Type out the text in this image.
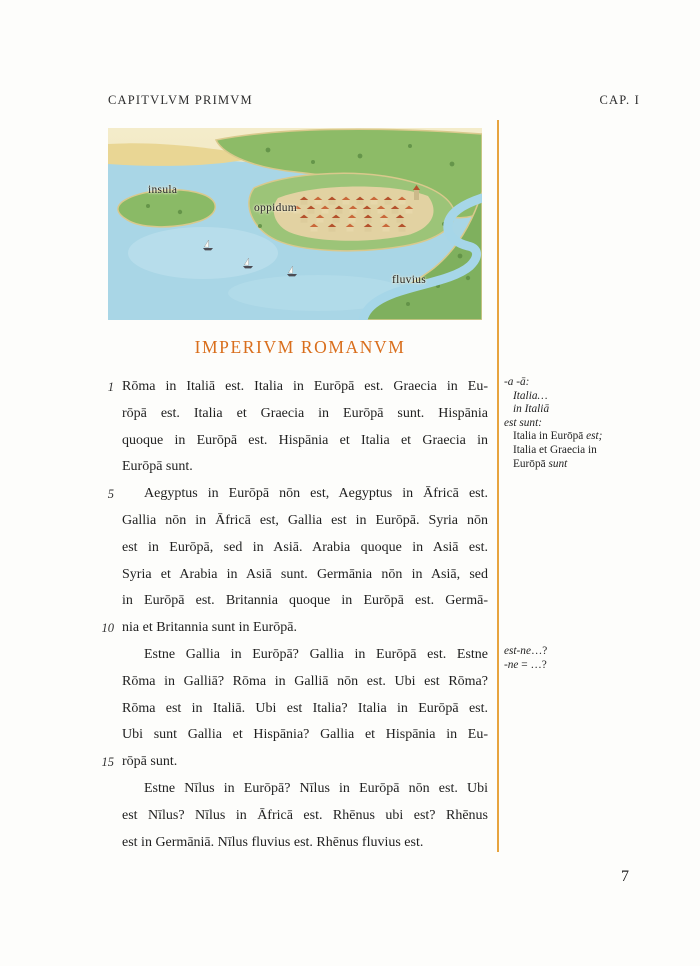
CAPITVLVM PRIMVM	CAP. I
insula
oppidum
fluvius
IMPERIVM ROMANVM
1 Rōma in Italiā est. Italia in Eurōpā est. Graecia in Eu-
rōpā est. Italia et Graecia in Eurōpā sunt. Hispānia
quoque in Eurōpā est. Hispānia et Italia et Graecia in
Eurōpā sunt.
5	Aegyptus in Eurōpā nōn est, Aegyptus in Āfricā est.
Gallia nōn in Āfricā est, Gallia est in Eurōpā. Syria nōn
est in Eurōpā, sed in Asiā. Arabia quoque in Asiā est.
Syria et Arabia in Asiā sunt. Germānia nōn in Asiā, sed
in Eurōpā est. Britannia quoque in Eurōpā est. Germā-
10 nia et Britannia sunt in Eurōpā.
Estne Gallia in Eurōpā? Gallia in Eurōpā est. Estne
Rōma in Galliā? Rōma in Galliā nōn est. Ubi est Rōma?
Rōma est in Italiā. Ubi est Italia? Italia in Eurōpā est.
Ubi sunt Gallia et Hispānia? Gallia et Hispānia in Eu-
15 rōpā sunt.
Estne Nīlus in Eurōpā? Nīlus in Eurōpā nōn est. Ubi
est Nīlus? Nīlus in Āfricā est. Rhēnus ubi est? Rhēnus
est in Germāniā. Nīlus fluvius est. Rhēnus fluvius est.
-a -ā:
Italia…
in Italiā
est sunt:
Italia in Eurōpā est;
Italia et Graecia in
Eurōpā sunt
est-ne…?
-ne = …?
7
